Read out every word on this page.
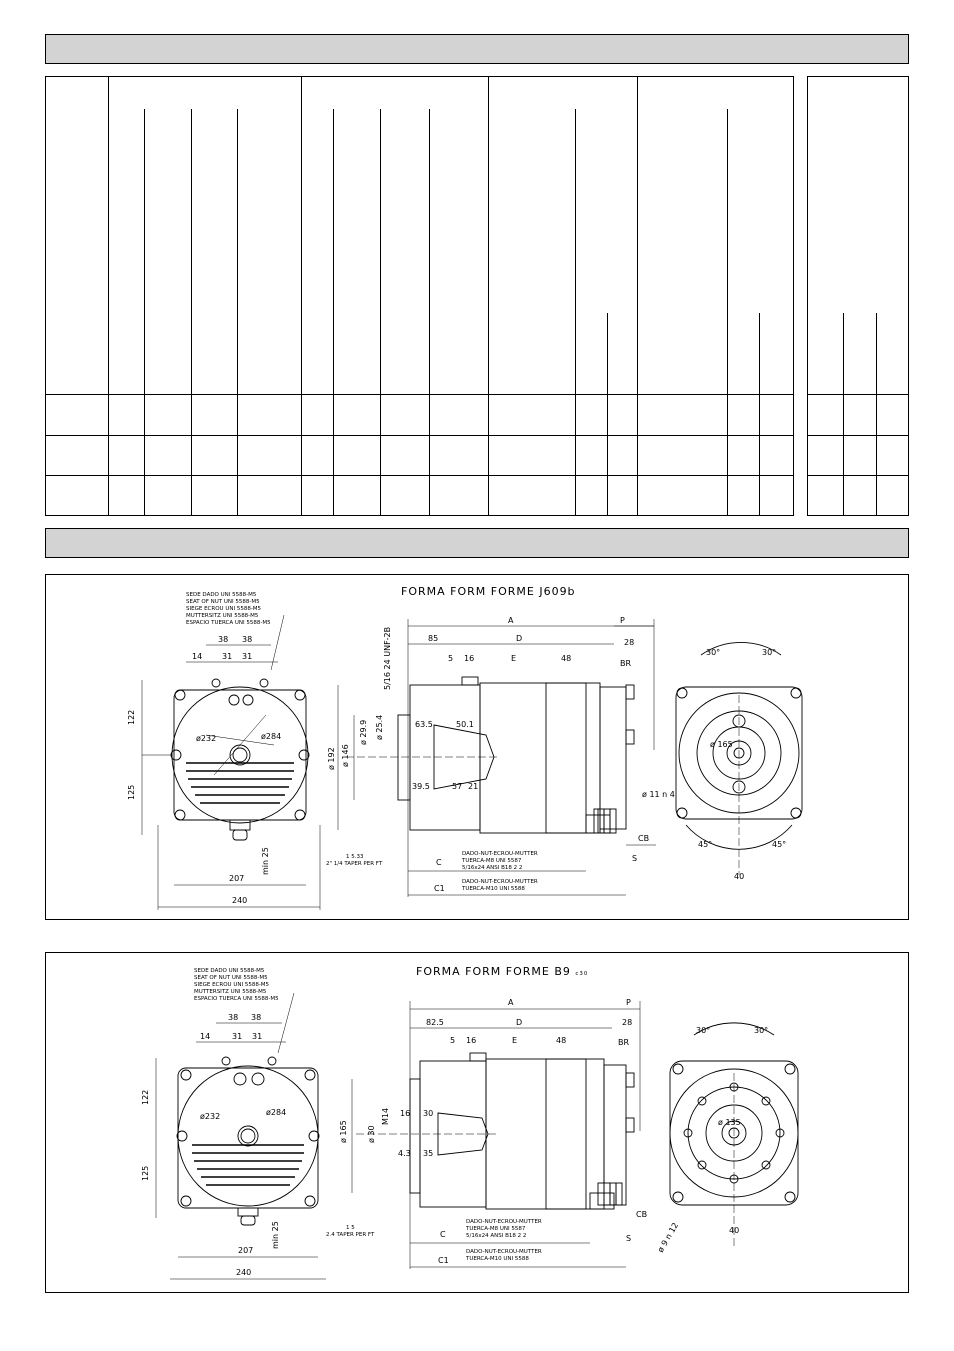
FORMA FORM FORME J609b
SEDE DADO UNI 5588-M5
SEAT OF NUT UNI 5588-M5
SIEGE ECROU UNI 5588-M5
MUTTERSITZ UNI 5588-M5
ESPACIO TUERCA UNI 5588-M5
38 38
14 31 31
122
125
ø232	ø284
min 25
207
240
A	P
85	D	28
5 16	E	48
BR
5/16 24 UNF-2B
ø 192 ø 146
ø 29.9 ø 25.4	63.5	50.1
39.5	57 21
1 5.33
2" 1/4 TAPER PER FT	C
C1
CB
S
DADO-NUT-ECROU-MUTTER
TUERCA-M8 UNI 5587
5/16x24 ANSI B18 2 2
DADO-NUT-ECROU-MUTTER
TUERCA-M10 UNI 5588
30°	30°
ø 165
ø 11 n 4
45°	45°
40
FORMA FORM FORME B9 c30
SEDE DADO UNI 5588-M5
SEAT OF NUT UNI 5588-M5
SIEGE ECROU UNI 5588-M5
MUTTERSITZ UNI 5588-M5
ESPACIO TUERCA UNI 5588-M5
38 38
14	31 31
122
125
ø232	ø284
min 25
207
240
A	P
82.5	D	28
5 16	E	48	BR
ø 165
M14
ø 30
16 30
4.3 35
1 5
2.4 TAPER PER FT	C
C1
CB
S
DADO-NUT-ECROU-MUTTER
TUERCA-M8 UNI 5587
5/16x24 ANSI B18 2 2
DADO-NUT-ECROU-MUTTER
TUERCA-M10 UNI 5588
30°	30°
ø 135
ø 9 n 12	40
